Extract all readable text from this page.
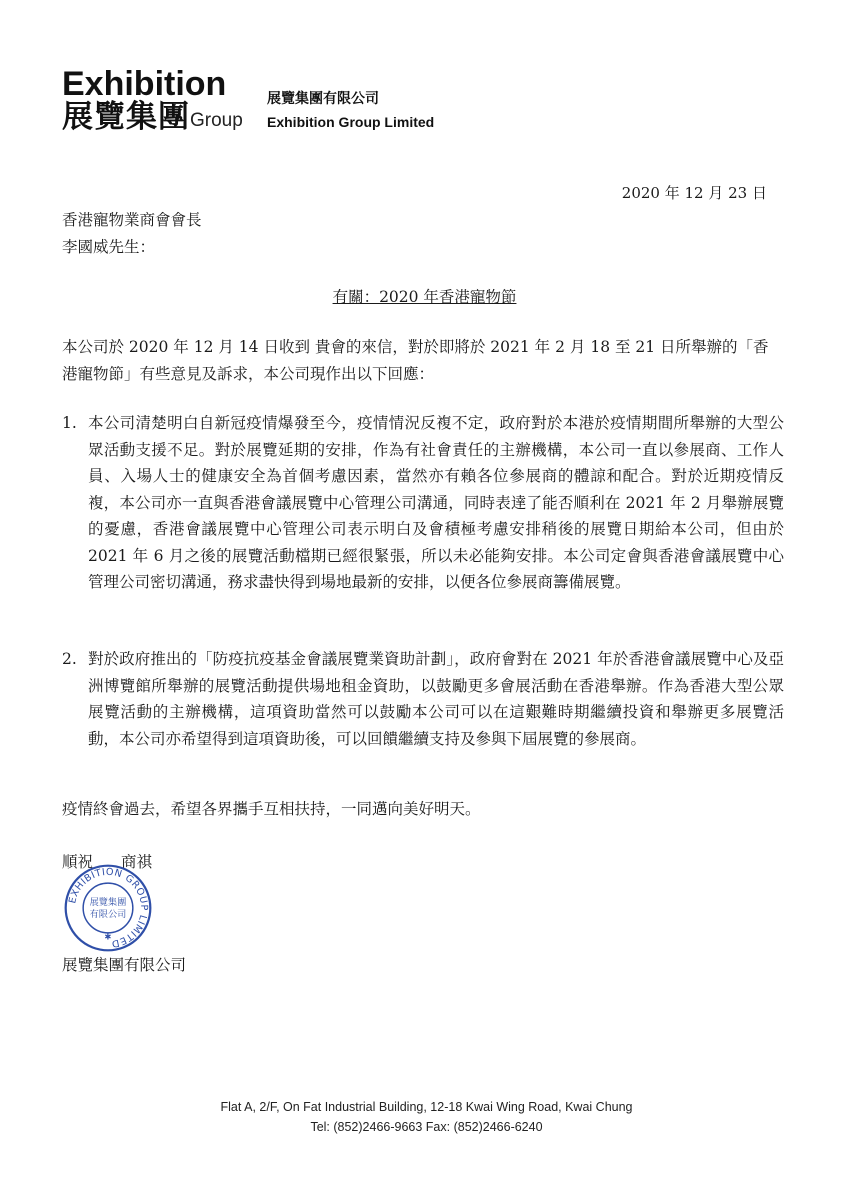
Exhibition
展覽集團 Group
展覽集團有限公司
Exhibition Group Limited
2020 年 12 月 23 日
香港寵物業商會會長
李國威先生：
有關：2020 年香港寵物節
本公司於 2020 年 12 月 14 日收到 貴會的來信，對於即將於 2021 年 2 月 18 至 21 日所舉辦的「香港寵物節」有些意見及訴求，本公司現作出以下回應：
1. 本公司清楚明白自新冠疫情爆發至今，疫情情況反複不定，政府對於本港於疫情期間所舉辦的大型公眾活動支援不足。對於展覽延期的安排，作為有社會責任的主辦機構，本公司一直以參展商、工作人員、入場人士的健康安全為首個考慮因素，當然亦有賴各位參展商的體諒和配合。對於近期疫情反複，本公司亦一直與香港會議展覽中心管理公司溝通，同時表達了能否順利在 2021 年 2 月舉辦展覽的憂慮，香港會議展覽中心管理公司表示明白及會積極考慮安排稍後的展覽日期給本公司，但由於 2021 年 6 月之後的展覽活動檔期已經很緊張，所以未必能夠安排。本公司定會與香港會議展覽中心管理公司密切溝通，務求盡快得到場地最新的安排，以便各位參展商籌備展覽。
2. 對於政府推出的「防疫抗疫基金會議展覽業資助計劃」，政府會對在 2021 年於香港會議展覽中心及亞洲博覽館所舉辦的展覽活動提供場地租金資助，以鼓勵更多會展活動在香港舉辦。作為香港大型公眾展覽活動的主辦機構，這項資助當然可以鼓勵本公司可以在這艱難時期繼續投資和舉辦更多展覽活動，本公司亦希望得到這項資助後，可以回饋繼續支持及參與下屆展覽的參展商。
疫情終會過去，希望各界攜手互相扶持，一同邁向美好明天。
順祝 商祺
EXHIBITION GROUP LIMITED
展覽集團
有限公司
✱
展覽集團有限公司
Flat A, 2/F, On Fat Industrial Building, 12-18 Kwai Wing Road, Kwai Chung
Tel: (852)2466-9663 Fax: (852)2466-6240
